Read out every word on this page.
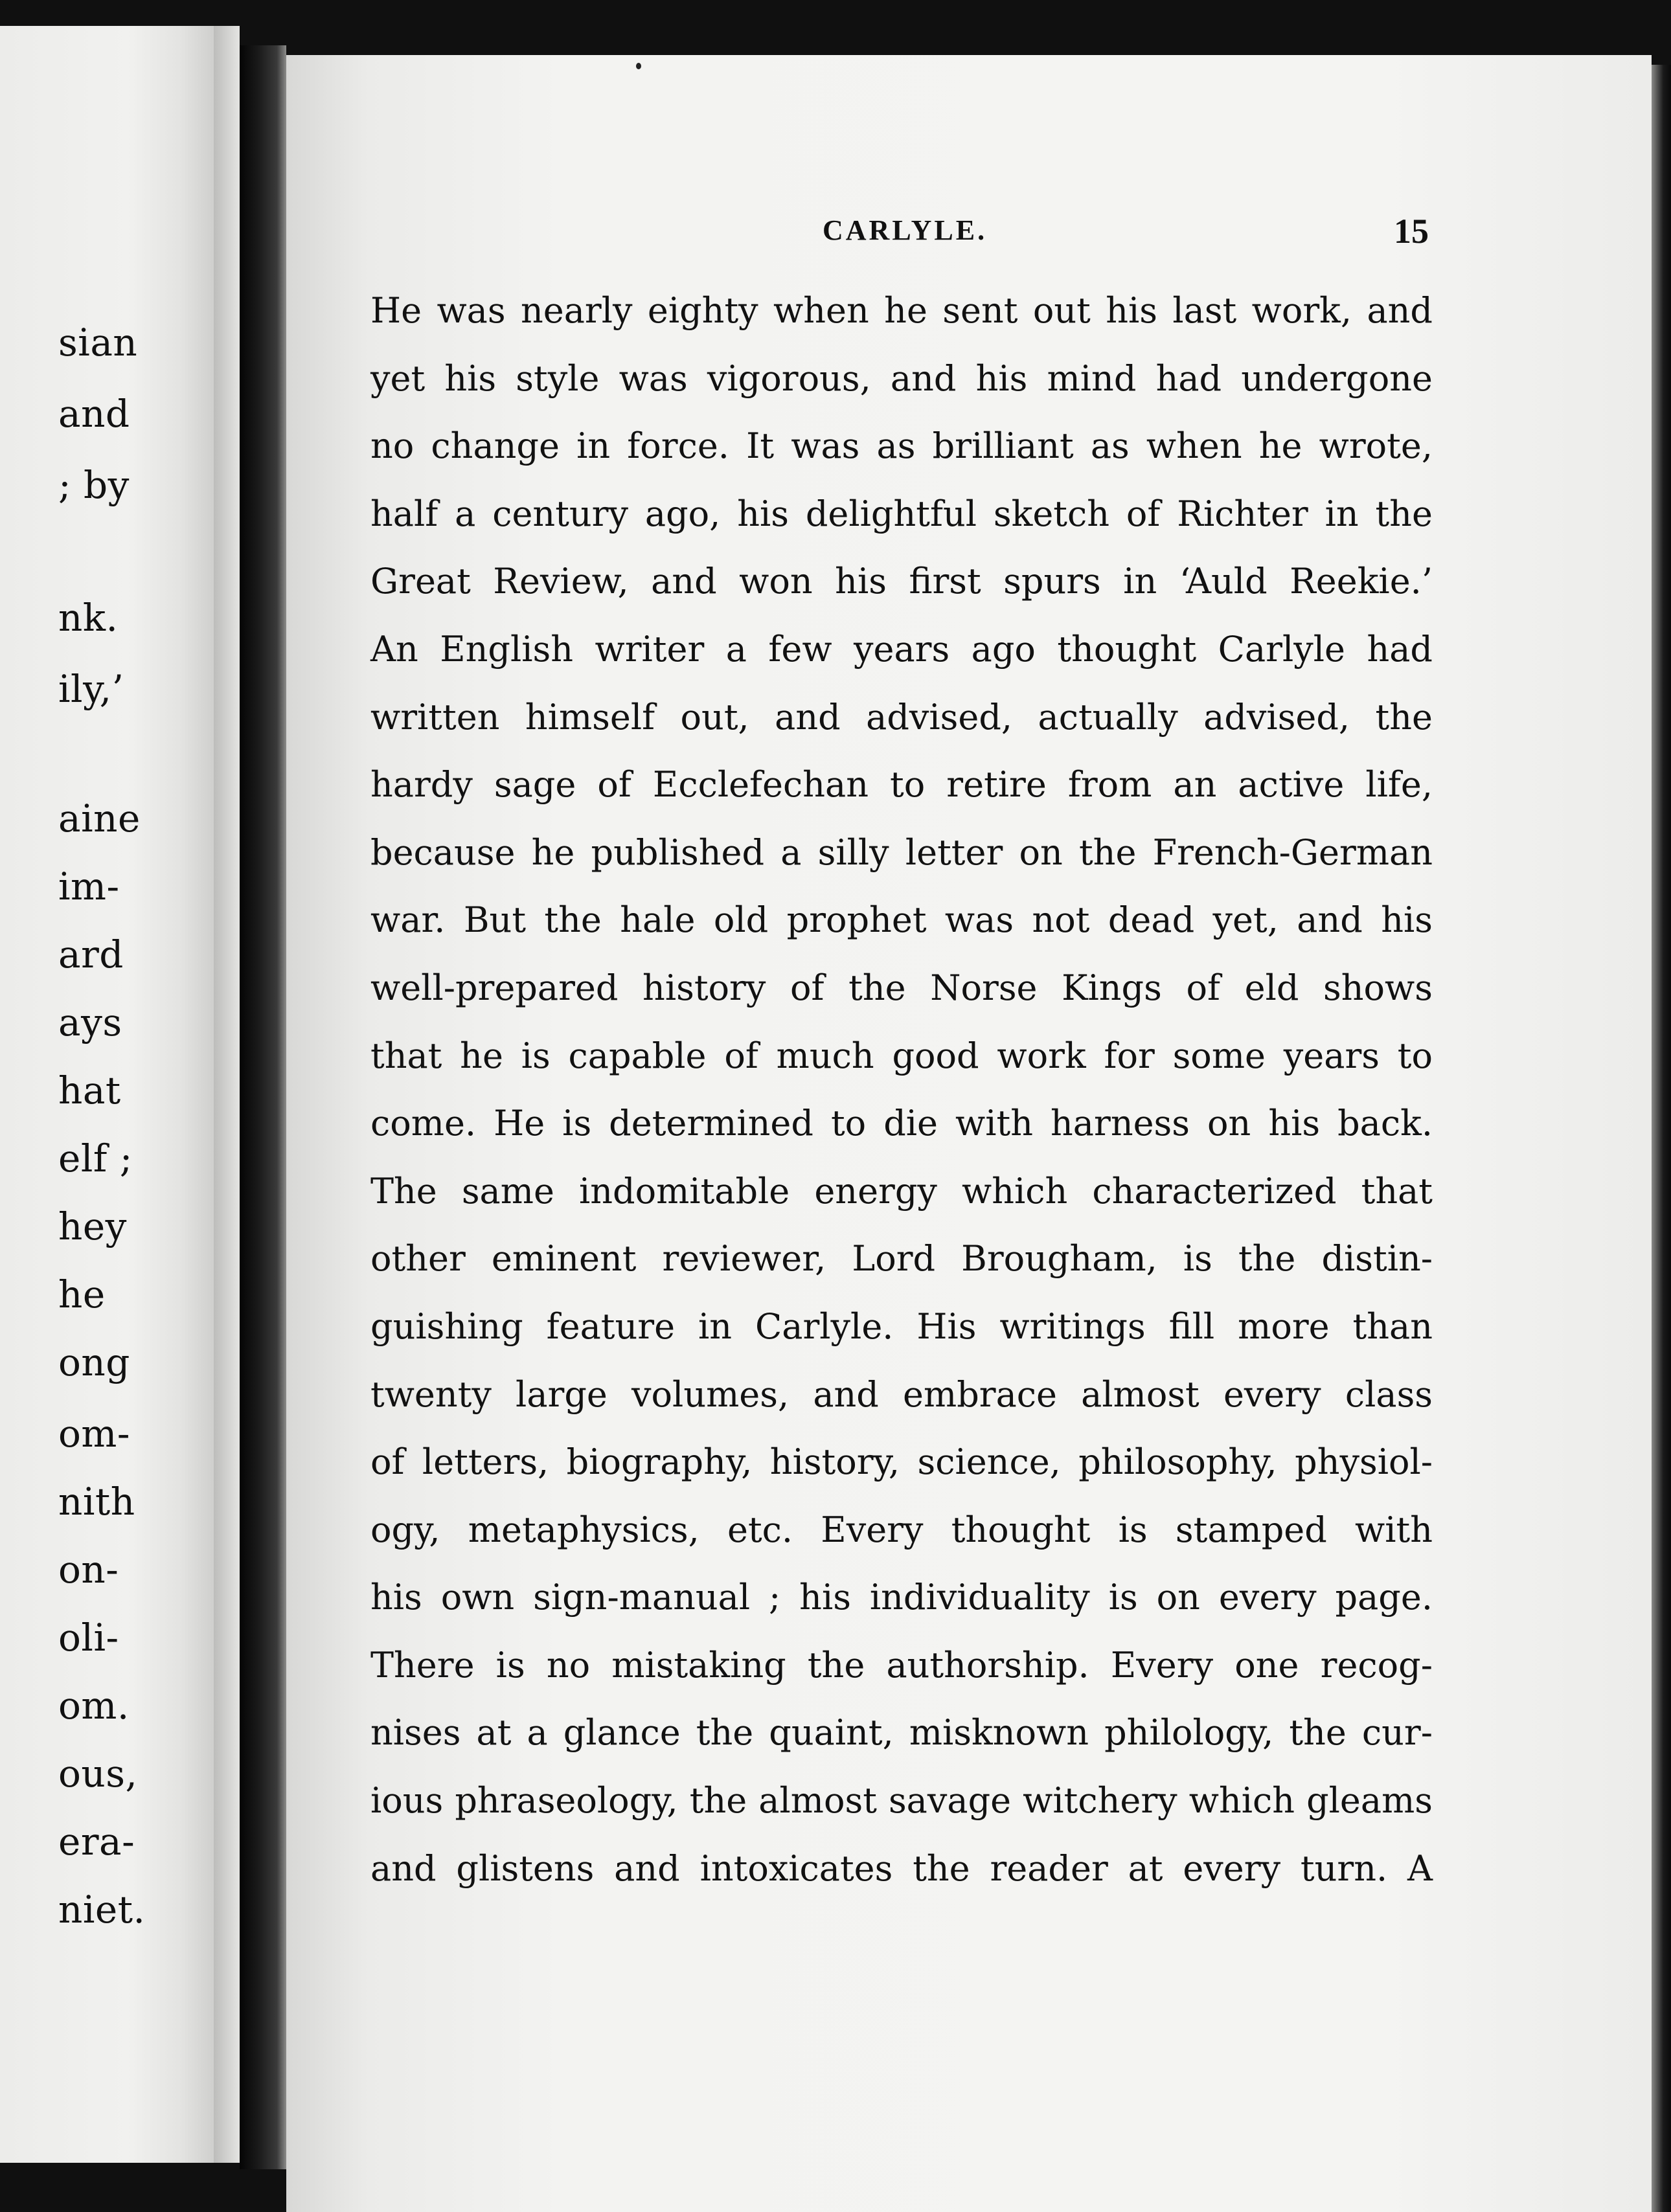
sian
and
; by
nk.
ily,’
aine
im-
ard
ays
hat
elf ;
hey
he
ong
om-
nith
on-
oli-
om.
ous,
era-
niet.
CARLYLE.	15
He was nearly eighty when he sent out his last work, and
yet his style was vigorous, and his mind had undergone
no change in force. It was as brilliant as when he wrote,
half a century ago, his delightful sketch of Richter in the
Great Review, and won his first spurs in ‘Auld Reekie.’
An English writer a few years ago thought Carlyle had
written himself out, and advised, actually advised, the
hardy sage of Ecclefechan to retire from an active life,
because he published a silly letter on the French-German
war. But the hale old prophet was not dead yet, and his
well-prepared history of the Norse Kings of eld shows
that he is capable of much good work for some years to
come. He is determined to die with harness on his back.
The same indomitable energy which characterized that
other eminent reviewer, Lord Brougham, is the distin-
guishing feature in Carlyle. His writings fill more than
twenty large volumes, and embrace almost every class
of letters, biography, history, science, philosophy, physiol-
ogy, metaphysics, etc. Every thought is stamped with
his own sign-manual ; his individuality is on every page.
There is no mistaking the authorship. Every one recog-
nises at a glance the quaint, misknown philology, the cur-
ious phraseology, the almost savage witchery which gleams
and glistens and intoxicates the reader at every turn. A
